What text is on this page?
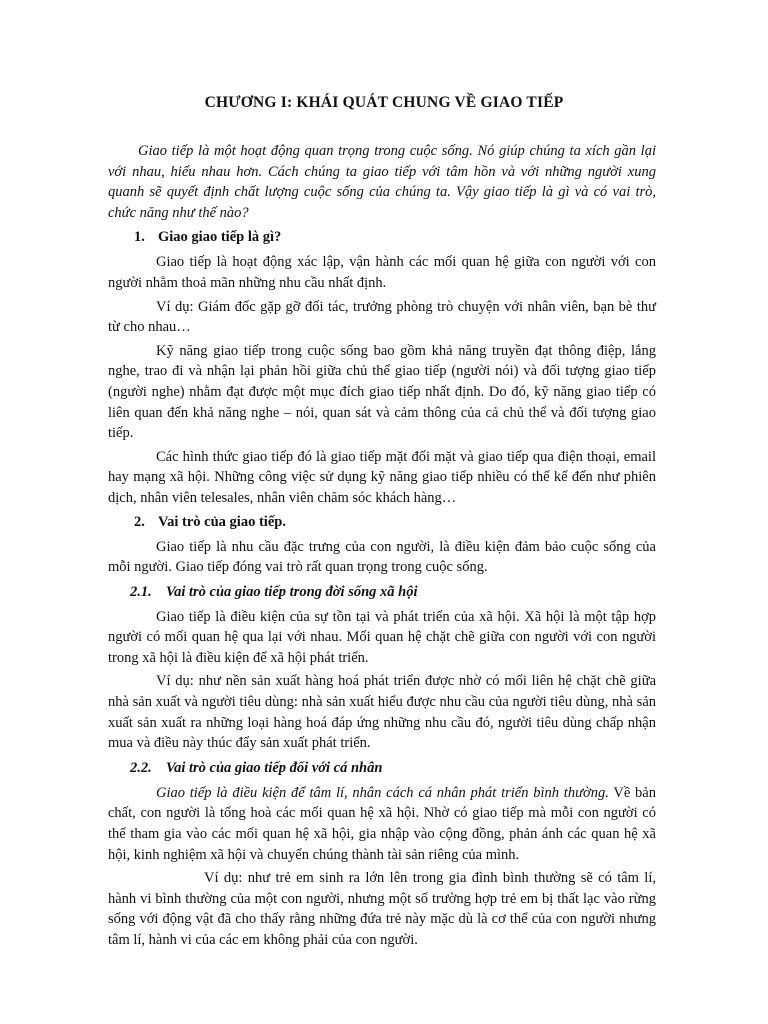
CHƯƠNG I: KHÁI QUÁT CHUNG VỀ GIAO TIẾP

Giao tiếp là một hoạt động quan trọng trong cuộc sống. Nó giúp chúng ta xích gần lại với nhau, hiểu nhau hơn. Cách chúng ta giao tiếp với tâm hồn và với những người xung quanh sẽ quyết định chất lượng cuộc sống của chúng ta. Vậy giao tiếp là gì và có vai trò, chức năng như thế nào?

1. Giao giao tiếp là gì?

Giao tiếp là hoạt động xác lập, vận hành các mối quan hệ giữa con người với con người nhằm thoả mãn những nhu cầu nhất định.

Ví dụ: Giám đốc gặp gỡ đối tác, trưởng phòng trò chuyện với nhân viên, bạn bè thư từ cho nhau…

Kỹ năng giao tiếp trong cuộc sống bao gồm khả năng truyền đạt thông điệp, lắng nghe, trao đi và nhận lại phản hồi giữa chủ thể giao tiếp (người nói) và đối tượng giao tiếp (người nghe) nhằm đạt được một mục đích giao tiếp nhất định. Do đó, kỹ năng giao tiếp có liên quan đến khả năng nghe – nói, quan sát và cảm thông của cả chủ thể và đối tượng giao tiếp.

Các hình thức giao tiếp đó là giao tiếp mặt đối mặt và giao tiếp qua điện thoại, email hay mạng xã hội. Những công việc sử dụng kỹ năng giao tiếp nhiều có thể kể đến như phiên dịch, nhân viên telesales, nhân viên chăm sóc khách hàng…

2. Vai trò của giao tiếp.

Giao tiếp là nhu cầu đặc trưng của con người, là điều kiện đảm bảo cuộc sống của mỗi người. Giao tiếp đóng vai trò rất quan trọng trong cuộc sống.

2.1. Vai trò của giao tiếp trong đời sống xã hội

Giao tiếp là điều kiện của sự tồn tại và phát triển của xã hội. Xã hội là một tập hợp người có mối quan hệ qua lại với nhau. Mối quan hệ chặt chẽ giữa con người với con người trong xã hội là điều kiện để xã hội phát triển.

Ví dụ: như nền sản xuất hàng hoá phát triển được nhờ có mối liên hệ chặt chẽ giữa nhà sản xuất và người tiêu dùng: nhà sản xuất hiểu được nhu cầu của người tiêu dùng, nhà sản xuất sản xuất ra những loại hàng hoá đáp ứng những nhu cầu đó, người tiêu dùng chấp nhận mua và điều này thúc đẩy sản xuất phát triển.

2.2. Vai trò của giao tiếp đối với cá nhân

Giao tiếp là điều kiện để tâm lí, nhân cách cá nhân phát triển bình thường. Về bản chất, con người là tổng hoà các mối quan hệ xã hội. Nhờ có giao tiếp mà mỗi con người có thể tham gia vào các mối quan hệ xã hội, gia nhập vào cộng đồng, phản ánh các quan hệ xã hội, kinh nghiệm xã hội và chuyển chúng thành tài sản riêng của mình.

Ví dụ: như trẻ em sinh ra lớn lên trong gia đình bình thường sẽ có tâm lí, hành vi bình thường của một con người, nhưng một số trường hợp trẻ em bị thất lạc vào rừng sống với động vật đã cho thấy rằng những đứa trẻ này mặc dù là cơ thể của con người nhưng tâm lí, hành vi của các em không phải của con người.
